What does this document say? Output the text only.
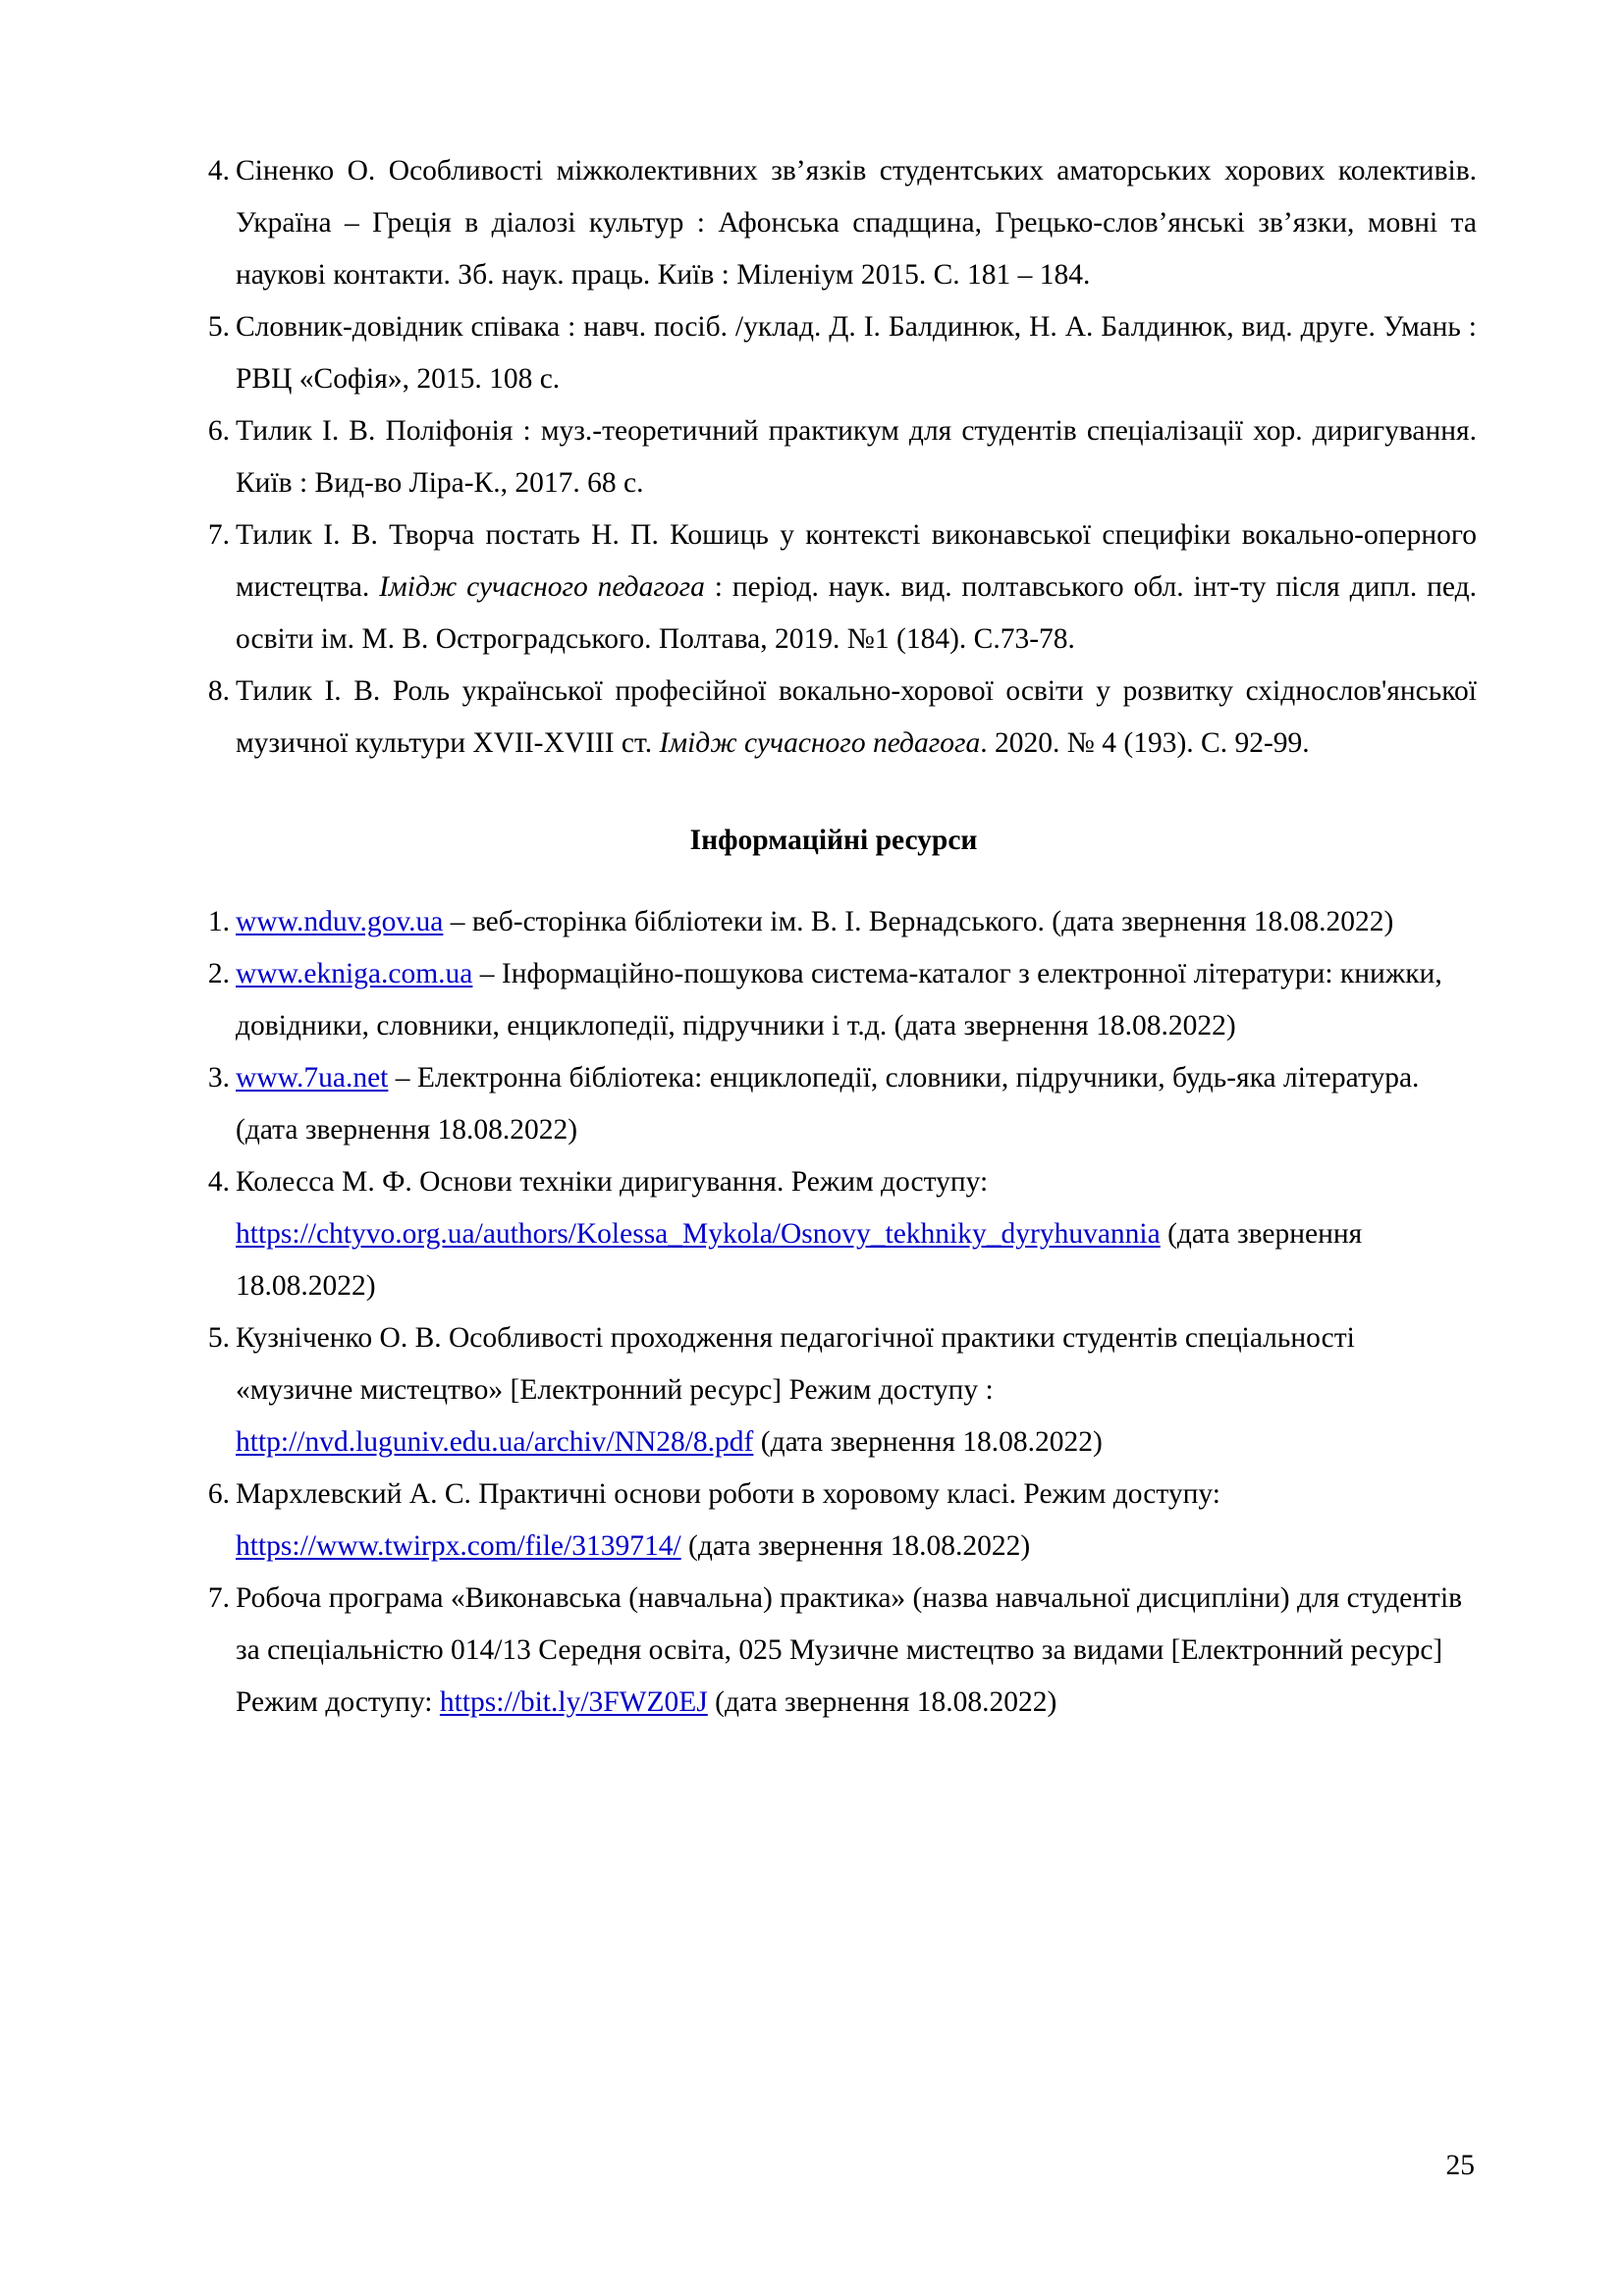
4. Сіненко О. Особливості міжколективних зв’язків студентських аматорських хорових колективів. Україна – Греція в діалозі культур : Афонська спадщина, Грецько-слов’янські зв’язки, мовні та наукові контакти. Зб. наук. праць. Київ : Міленіум 2015. С. 181 – 184.
5. Словник-довідник співака : навч. посіб. /уклад. Д. І. Балдинюк, Н. А. Балдинюк, вид. друге. Умань : РВЦ «Софія», 2015. 108 с.
6. Тилик І. В. Поліфонія : муз.-теоретичний практикум для студентів спеціалізації хор. диригування. Київ : Вид-во Ліра-К., 2017. 68 с.
7. Тилик І. В. Творча постать Н. П. Кошиць у контексті виконавської специфіки вокально-оперного мистецтва. Імідж сучасного педагога : період. наук. вид. полтавського обл. інт-ту після дипл. пед. освіти ім. М. В. Остроградського. Полтава, 2019. №1 (184). С.73-78.
8. Тилик І. В. Роль української професійної вокально-хорової освіти у розвитку східнослов'янської музичної культури XVII-XVIII ст. Імідж сучасного педагога. 2020. № 4 (193). С. 92-99.
Інформаційні ресурси
1. www.nduv.gov.ua – веб-сторінка бібліотеки ім. В. І. Вернадського. (дата звернення 18.08.2022)
2. www.ekniga.com.ua – Інформаційно-пошукова система-каталог з електронної літератури: книжки, довідники, словники, енциклопедії, підручники і т.д. (дата звернення 18.08.2022)
3. www.7ua.net – Електронна бібліотека: енциклопедії, словники, підручники, будь-яка література. (дата звернення 18.08.2022)
4. Колесса М. Ф. Основи техніки диригування. Режим доступу: https://chtyvo.org.ua/authors/Kolessa_Mykola/Osnovy_tekhniky_dyryhuvannia (дата звернення 18.08.2022)
5. Кузніченко О. В. Особливості проходження педагогічної практики студентів спеціальності «музичне мистецтво» [Електронний ресурс] Режим доступу : http://nvd.luguniv.edu.ua/archiv/NN28/8.pdf (дата звернення 18.08.2022)
6. Мархлевский А. С. Практичні основи роботи в хоровому класі. Режим доступу: https://www.twirpx.com/file/3139714/ (дата звернення 18.08.2022)
7. Робоча програма «Виконавська (навчальна) практика» (назва навчальної дисципліни) для студентів за спеціальністю 014/13 Середня освіта, 025 Музичне мистецтво за видами [Електронний ресурс] Режим доступу: https://bit.ly/3FWZ0EJ (дата звернення 18.08.2022)
25
